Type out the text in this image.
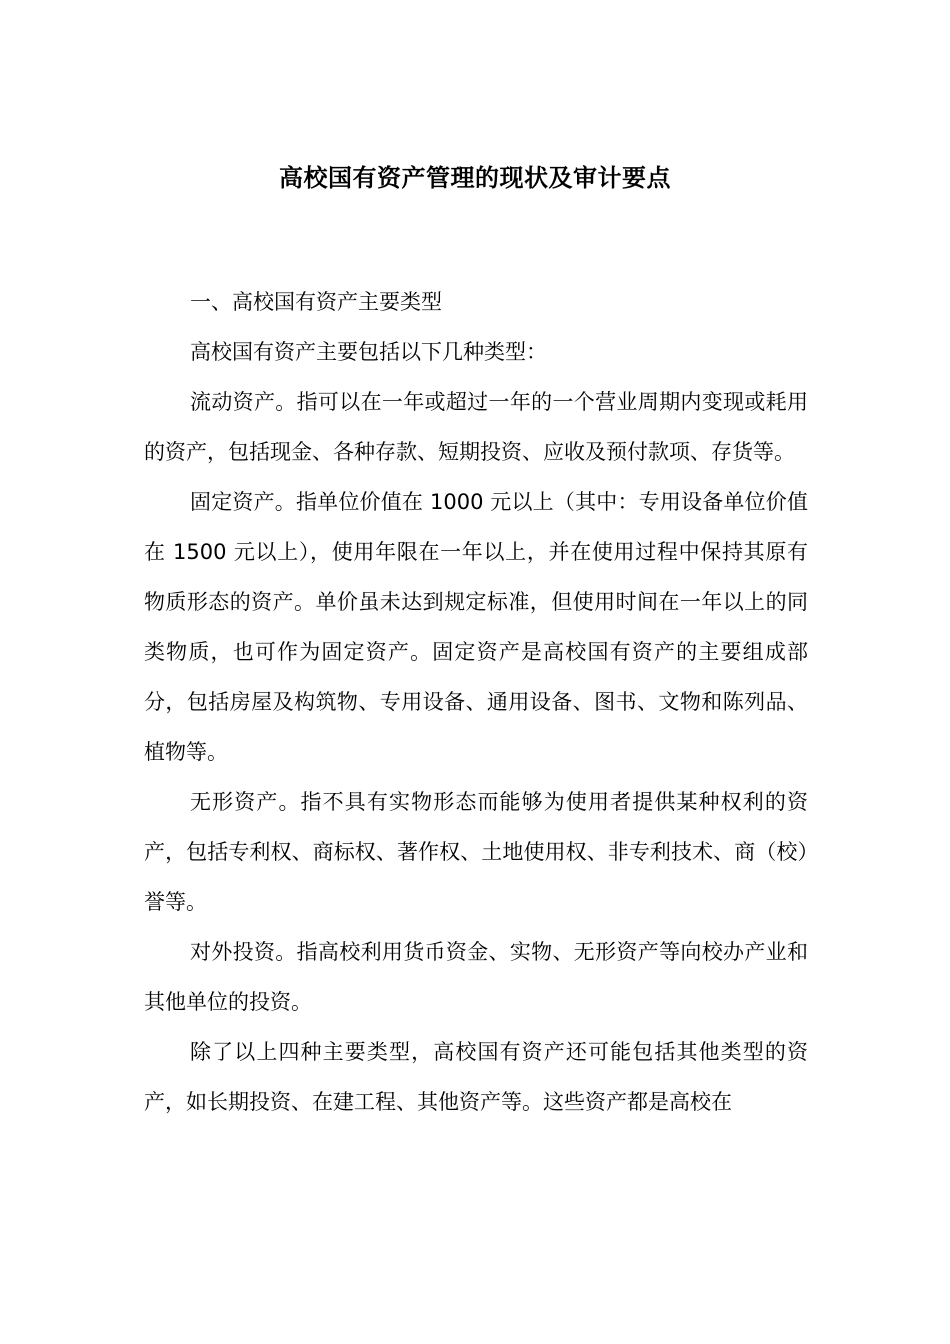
高校国有资产管理的现状及审计要点

一、高校国有资产主要类型

高校国有资产主要包括以下几种类型：

流动资产。指可以在一年或超过一年的一个营业周期内变现或耗用的资产，包括现金、各种存款、短期投资、应收及预付款项、存货等。

固定资产。指单位价值在 1000 元以上（其中：专用设备单位价值在 1500 元以上），使用年限在一年以上，并在使用过程中保持其原有物质形态的资产。单价虽未达到规定标准，但使用时间在一年以上的同类物质，也可作为固定资产。固定资产是高校国有资产的主要组成部分，包括房屋及构筑物、专用设备、通用设备、图书、文物和陈列品、植物等。

无形资产。指不具有实物形态而能够为使用者提供某种权利的资产，包括专利权、商标权、著作权、土地使用权、非专利技术、商（校）誉等。

对外投资。指高校利用货币资金、实物、无形资产等向校办产业和其他单位的投资。

除了以上四种主要类型，高校国有资产还可能包括其他类型的资产，如长期投资、在建工程、其他资产等。这些资产都是高校在
